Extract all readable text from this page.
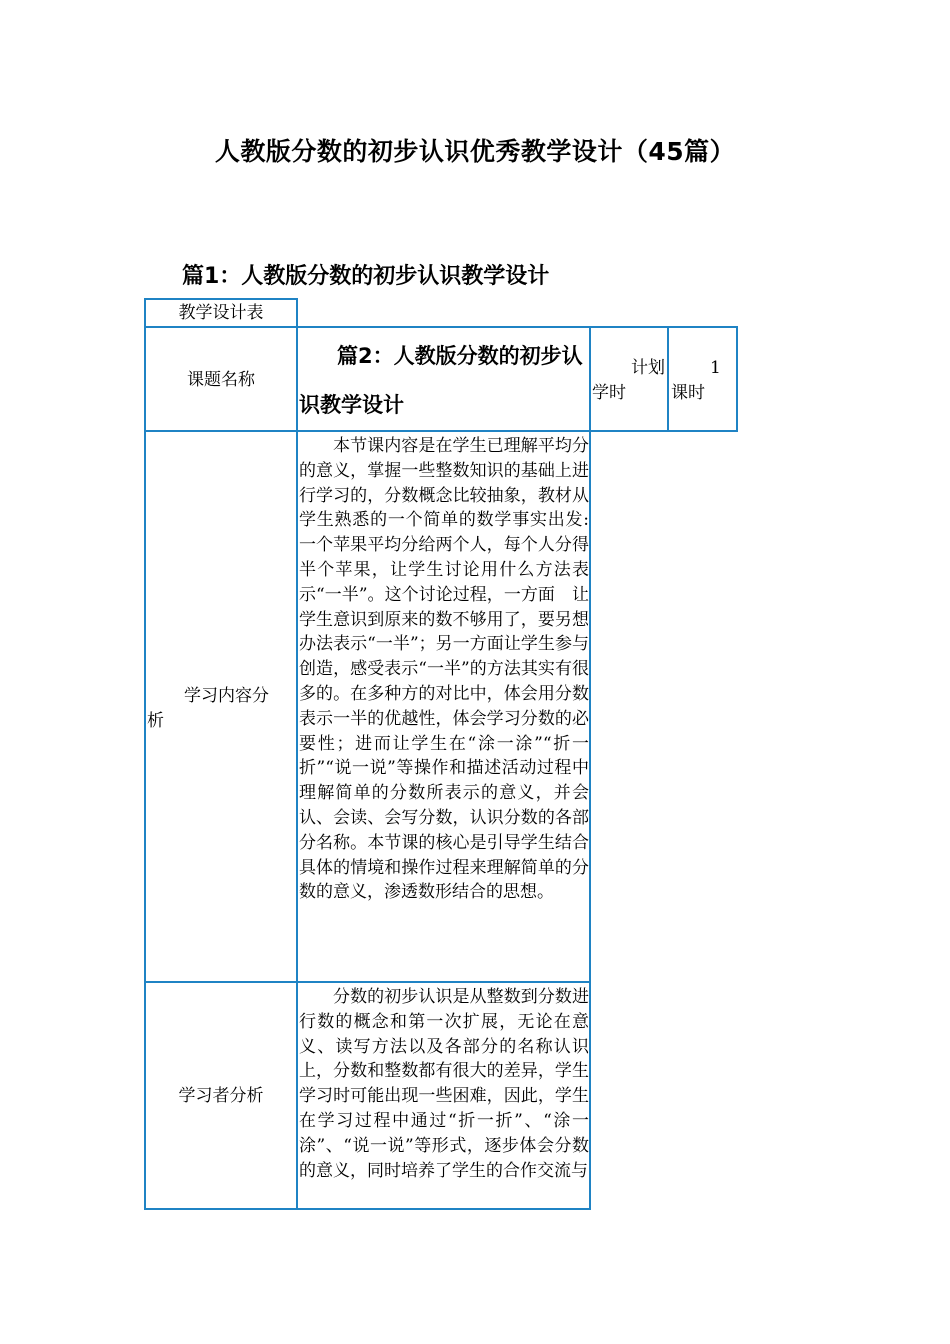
人教版分数的初步认识优秀教学设计（45篇）
篇1：人教版分数的初步认识教学设计
教学设计表
课题名称
篇2：人教版分数的初步认识教学设计
计划
学时
1
课时
学习内容分
析
本节课内容是在学生已理解平均分的意义，掌握一些整数知识的基础上进行学习的，分数概念比较抽象，教材从学生熟悉的一个简单的数学事实出发:一个苹果平均分给两个人，每个人分得半个苹果，让学生讨论用什么方法表示“一半”。这个讨论过程，一方面　让学生意识到原来的数不够用了，要另想办法表示“一半”；另一方面让学生参与创造，感受表示“一半”的方法其实有很多的。在多种方的对比中，体会用分数表示一半的优越性，体会学习分数的必要性；进而让学生在“涂一涂”“折一折”“说一说”等操作和描述活动过程中理解简单的分数所表示的意义，并会认、会读、会写分数，认识分数的各部分名称。本节课的核心是引导学生结合具体的情境和操作过程来理解简单的分数的意义，渗透数形结合的思想。
学习者分析
分数的初步认识是从整数到分数进行数的概念和第一次扩展，无论在意义、读写方法以及各部分的名称认识上，分数和整数都有很大的差异，学生学习时可能出现一些困难，因此，学生在学习过程中通过“折一折”、“涂一涂”、“说一说”等形式，逐步体会分数的意义，同时培养了学生的合作交流与
